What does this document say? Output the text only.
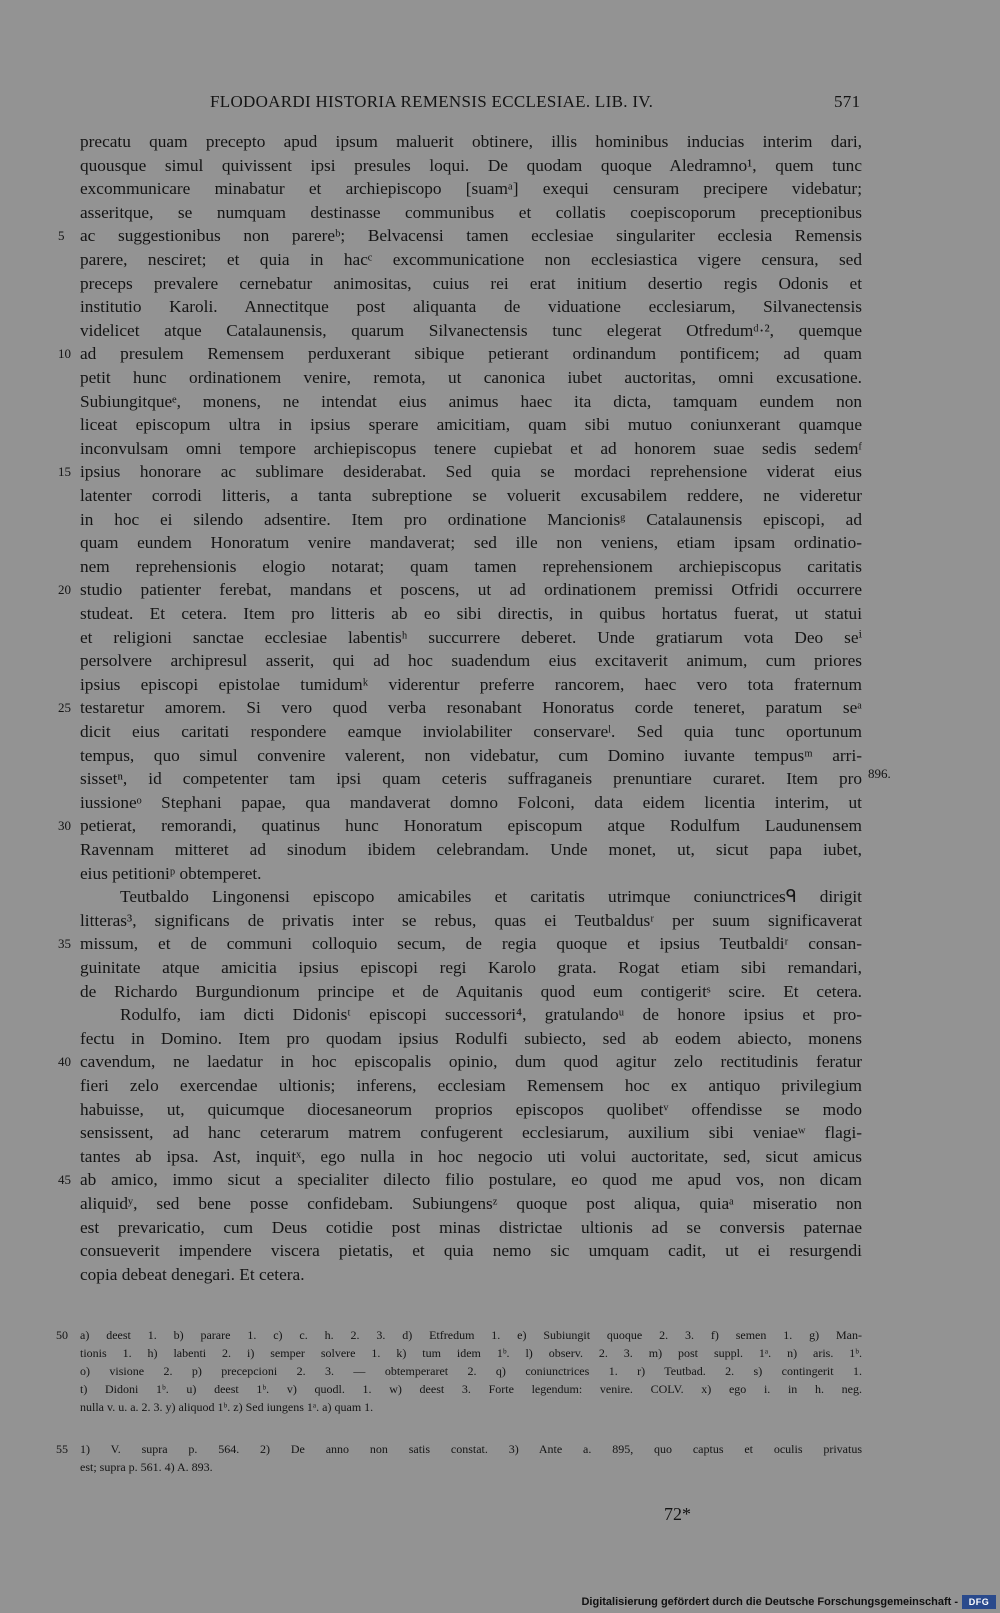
FLODOARDI HISTORIA REMENSIS ECCLESIAE. LIB. IV.	571
precatu quam precepto apud ipsum maluerit obtinere, illis hominibus inducias interim dari,
quousque simul quivissent ipsi presules loqui. De quodam quoque Aledramno¹, quem tunc
excommunicare minabatur et archiepiscopo [suamᵃ] exequi censuram precipere videbatur;
asseritque, se numquam destinasse communibus et collatis coepiscoporum preceptionibus
5 ac suggestionibus non parereᵇ; Belvacensi tamen ecclesiae singulariter ecclesia Remensis
parere, nesciret; et quia in hacᶜ excommunicatione non ecclesiastica vigere censura, sed
preceps prevalere cernebatur animositas, cuius rei erat initium desertio regis Odonis et
institutio Karoli. Annectitque post aliquanta de viduatione ecclesiarum, Silvanectensis
videlicet atque Catalaunensis, quarum Silvanectensis tunc elegerat Otfredumᵈ·², quemque
10 ad presulem Remensem perduxerant sibique petierant ordinandum pontificem; ad quam
petit hunc ordinationem venire, remota, ut canonica iubet auctoritas, omni excusatione.
Subiungitqueᵉ, monens, ne intendat eius animus haec ita dicta, tamquam eundem non
liceat episcopum ultra in ipsius sperare amicitiam, quam sibi mutuo coniunxerant quamque
inconvulsam omni tempore archiepiscopus tenere cupiebat et ad honorem suae sedis sedemᶠ
15 ipsius honorare ac sublimare desiderabat. Sed quia se mordaci reprehensione viderat eius
latenter corrodi litteris, a tanta subreptione se voluerit excusabilem reddere, ne videretur
in hoc ei silendo adsentire. Item pro ordinatione Mancionisᵍ Catalaunensis episcopi, ad
quam eundem Honoratum venire mandaverat; sed ille non veniens, etiam ipsam ordinatio-
nem reprehensionis elogio notarat; quam tamen reprehensionem archiepiscopus caritatis
20 studio patienter ferebat, mandans et poscens, ut ad ordinationem premissi Otfridi occurrere
studeat. Et cetera. Item pro litteris ab eo sibi directis, in quibus hortatus fuerat, ut statui
et religioni sanctae ecclesiae labentisʰ succurrere deberet. Unde gratiarum vota Deo seⁱ
persolvere archipresul asserit, qui ad hoc suadendum eius excitaverit animum, cum priores
ipsius episcopi epistolae tumidumᵏ viderentur preferre rancorem, haec vero tota fraternum
25 testaretur amorem. Si vero quod verba resonabant Honoratus corde teneret, paratum seᵃ
dicit eius caritati respondere eamque inviolabiliter conservareˡ. Sed quia tunc oportunum
tempus, quo simul convenire valerent, non videbatur, cum Domino iuvante tempusᵐ arri-
sissetⁿ, id competenter tam ipsi quam ceteris suffraganeis prenuntiare curaret. Item pro
iussioneᵒ Stephani papae, qua mandaverat domno Folconi, data eidem licentia interim, ut
30 petierat, remorandi, quatinus hunc Honoratum episcopum atque Rodulfum Laudunensem
Ravennam mitteret ad sinodum ibidem celebrandam. Unde monet, ut, sicut papa iubet,
eius petitioniᵖ obtemperet.
Teutbaldo Lingonensi episcopo amicabiles et caritatis utrimque coniunctricesᑫ dirigit
litteras³, significans de privatis inter se rebus, quas ei Teutbaldusʳ per suum significaverat
35 missum, et de communi colloquio secum, de regia quoque et ipsius Teutbaldiʳ consan-
guinitate atque amicitia ipsius episcopi regi Karolo grata. Rogat etiam sibi remandari,
de Richardo Burgundionum principe et de Aquitanis quod eum contigeritˢ scire. Et cetera.
Rodulfo, iam dicti Didonisᵗ episcopi successori⁴, gratulandoᵘ de honore ipsius et pro-
fectu in Domino. Item pro quodam ipsius Rodulfi subiecto, sed ab eodem abiecto, monens
40 cavendum, ne laedatur in hoc episcopalis opinio, dum quod agitur zelo rectitudinis feratur
fieri zelo exercendae ultionis; inferens, ecclesiam Remensem hoc ex antiquo privilegium
habuisse, ut, quicumque diocesaneorum proprios episcopos quolibetᵛ offendisse se modo
sensissent, ad hanc ceterarum matrem confugerent ecclesiarum, auxilium sibi veniaeʷ flagi-
tantes ab ipsa. Ast, inquitˣ, ego nulla in hoc negocio uti volui auctoritate, sed, sicut amicus
45 ab amico, immo sicut a specialiter dilecto filio postulare, eo quod me apud vos, non dicam
aliquidʸ, sed bene posse confidebam. Subiungensᶻ quoque post aliqua, quiaᵃ miseratio non
est prevaricatio, cum Deus cotidie post minas districtae ultionis ad se conversis paternae
consueverit impendere viscera pietatis, et quia nemo sic umquam cadit, ut ei resurgendi
copia debeat denegari. Et cetera.
896.
50 a) deest 1. b) parare 1. c) c. h. 2. 3. d) Etfredum 1. e) Subiungit quoque 2. 3. f) semen 1. g) Man-
tionis 1. h) labenti 2. i) semper solvere 1. k) tum idem 1ᵇ. l) observ. 2. 3. m) post suppl. 1ᵃ. n) aris. 1ᵇ.
o) visione 2. p) precepcioni 2. 3. — obtemperaret 2. q) coniunctrices 1. r) Teutbad. 2. s) contingerit 1.
t) Didoni 1ᵇ. u) deest 1ᵇ. v) quodl. 1. w) deest 3. Forte legendum: venire. COLV. x) ego i. in h. neg.
nulla v. u. a. 2. 3. y) aliquod 1ᵇ. z) Sed iungens 1ᵃ. a) quam 1.
55 1) V. supra p. 564. 2) De anno non satis constat. 3) Ante a. 895, quo captus et oculis privatus
est; supra p. 561. 4) A. 893.
72*
Digitalisierung gefördert durch die Deutsche Forschungsgemeinschaft -	DFG
